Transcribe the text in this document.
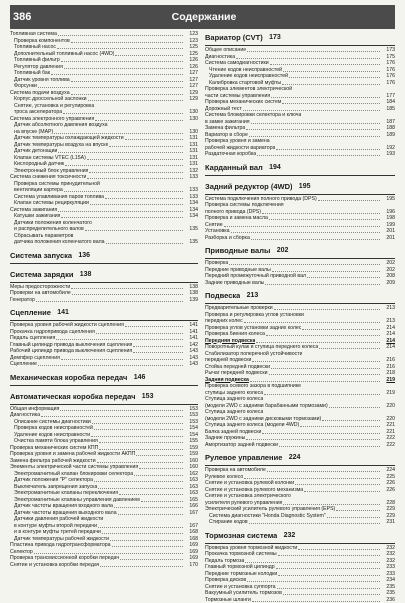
386	Содержание
Топливная система	123
Проверка компонентов	123
Топливный насос	125
Дополнительный топливный насос (4WD)	125
Топливный фильтр	126
Регулятор давления	126
Топливный бак	127
Датчик уровня топлива	127
Форсунки	127
Система подачи воздуха	129
Корпус дроссельной заслонки	129
Снятие, установка и регулировка
троса акселератора	130
Система электронного управления	130
Датчик абсолютного давления воздуха
на впуске (MAP)	130
Датчик температуры охлаждающей жидкости	131
Датчик температуры воздуха на впуске	131
Датчик детонации	131
Клапан системы VTEC (L15A)	131
Кислородный датчик	131
Электронный блок управления	132
Система снижения токсичности	133
Проверка системы принудительной
вентиляции картера	133
Система улавливания паров топлива	133
Клапан системы рециркуляции	134
Система зажигания	134
Катушки зажигания	134
Датчики положения коленчатого
и распределительного валов	135
Сбрасывать параметров
датчика положения коленчатого вала	135
Система запуска 136
Система зарядки 138
Меры предосторожности	138
Проверки на автомобиле	138
Генератор	139
Сцепление 141
Проверка уровня рабочей жидкости сцепления	141
Прокачка гидропривода сцепления	141
Педаль сцепления	141
Главный цилиндр привода выключения сцепления	142
Рабочий цилиндр привода выключения сцепления	143
Демпфер сцепления	143
Сцепление	143
Механическая коробка передач 146
Автоматическая коробка передач 153
Общая информация	153
Диагностика	153
Описание системы диагностики	153
Проверка кодов неисправностей	154
Удаление кодов неисправности	154
Очистка памяти блока управления	155
Проверка механических систем КПП	159
Проверка уровня и замена рабочей жидкости АКПП	159
Замена фильтра рабочей жидкости	160
Элементы электрической части системы управления	160
Электромагнитный клапан блокировки селектора	162
Датчик положения "P" селектора	163
Выключатель запрещения запуска	163
Электромагнитные клапаны переключения	163
Электромагнитные клапаны управления давлением	165
Датчик частоты вращения входного вала	166
Датчик частоты вращения выходного вала	167
Датчики давления рабочей жидкости
в контуре муфты второй передачи	167
и в контуре муфты третей передачи	168
Датчик температуры рабочей жидкости	168
Пластина привода гидротрансформатора	169
Селектор	169
Проверка трансмиссионной коробки передач	169
Снятие и установка коробки передач	170
Вариатор (CVT) 173
Общее описание	173
Диагностика	175
Система самодиагностики	176
Чтение кодов неисправностей	176
Удаление кодов неисправностей	176
Калибровка стартовой муфты	176
Проверка элементов электрической
части системы управления	177
Проверка механических систем	184
Дорожный тест	185
Система блокировки селектора и ключа
в замке зажигания	187
Замена фильтра	188
Вариатор в сборе	189
Проверка уровня и замена
рабочей жидкости вариатора	192
Раздаточная коробка	193
Карданный вал 194
Задний редуктор (4WD) 195
Система подключения полного привода (DPS)	195
Проверка системы подключения
полного привода (DPS)	196
Проверка и замена масла	198
Снятие	199
Установка	201
Разборка и сборка	201
Приводные валы 202
Проверка	202
Передние приводные валы	202
Передний промежуточный приводной вал	208
Задние приводные валы	209
Подвеска 213
Предварительные проверки	213
Проверка и регулировка углов установки
передних колес	213
Проверка углов установки задних колес	214
Проверка биения колеса	214
Передняя подвеска	214
Поворотный кулак и ступица переднего колеса	214
Стабилизатор поперечной устойчивости
передней подвески	216
Стойка передней подвески	216
Рычаг передней подвески	218
Задняя подвеска	219
Проверка осевого зазора в подшипнике
ступицы заднего колеса	219
Ступица заднего колеса
(модели 2WD с задними барабанными тормозами)	220
Ступица заднего колеса
(модели 2WD с задними дисковыми тормозами)	220
Ступица заднего колеса (модели 4WD)	221
Балка задней подвески	221
Задние пружины	222
Амортизатор задней подвески	222
Рулевое управление 224
Проверка на автомобиле	224
Рулевое колесо	225
Снятие и установка рулевой колонки	226
Снятие и установка рулевого механизма	226
Снятие и установка электрического
усилителя рулевого управления	228
Электрический усилитель рулевого управления (EPS)	229
Система диагностики "Honda Diagnostic System"	229
Стирание кодов	231
Тормозная система 232
Проверка уровня тормозной жидкости	232
Прокачка тормозной системы	232
Педаль тормоза	232
Главный тормозной цилиндр	233
Передние тормозные колодки	233
Проверка дисков	234
Снятие и установка суппорта	235
Вакуумный усилитель тормозов	235
Тормозные шланги	236
